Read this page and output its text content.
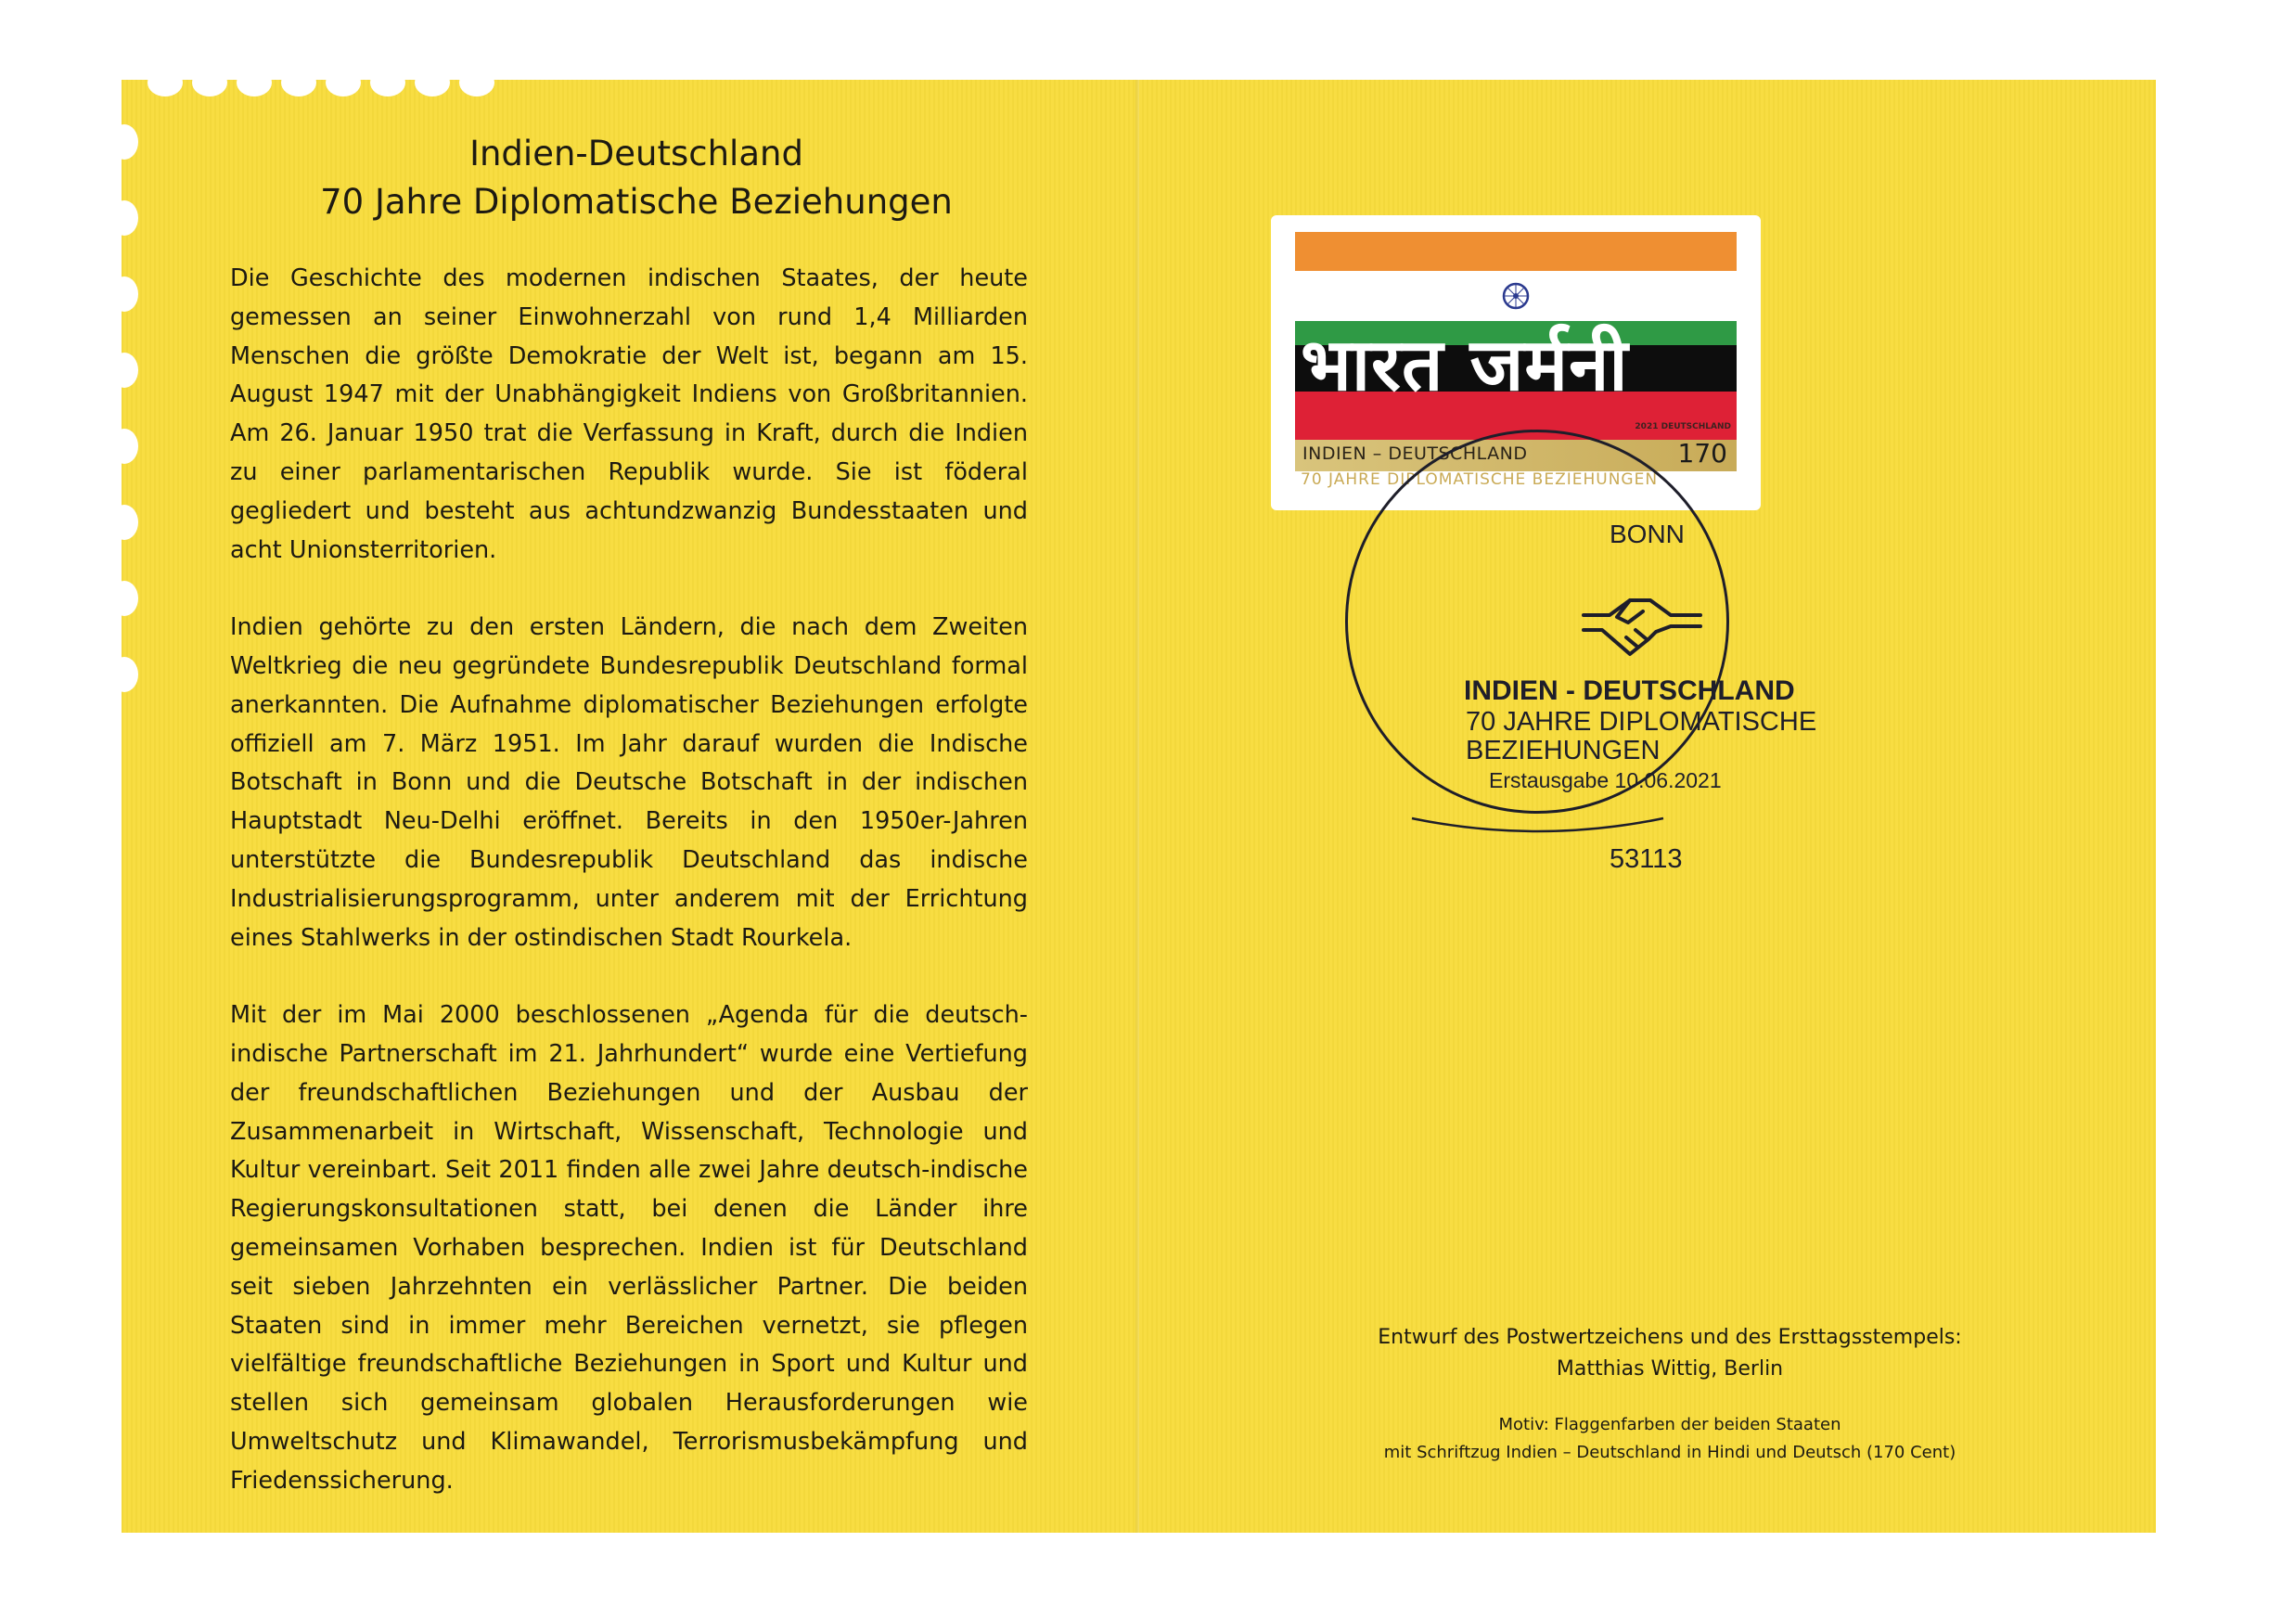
Indien-Deutschland
70 Jahre Diplomatische Beziehungen

Die Geschichte des modernen indischen Staates, der heute gemessen an seiner Einwohnerzahl von rund 1,4 Milliarden Menschen die größte Demokratie der Welt ist, begann am 15. August 1947 mit der Unabhängigkeit Indiens von Großbritannien. Am 26. Januar 1950 trat die Verfassung in Kraft, durch die Indien zu einer parlamentarischen Republik wurde. Sie ist föderal gegliedert und besteht aus achtundzwanzig Bundesstaaten und acht Unionsterritorien.

Indien gehörte zu den ersten Ländern, die nach dem Zweiten Weltkrieg die neu gegründete Bundesrepublik Deutschland formal anerkannten. Die Aufnahme diplomatischer Beziehungen erfolgte offiziell am 7. März 1951. Im Jahr darauf wurden die Indische Botschaft in Bonn und die Deutsche Botschaft in der indischen Hauptstadt Neu-Delhi eröffnet. Bereits in den 1950er-Jahren unterstützte die Bundesrepublik Deutschland das indische Industrialisierungsprogramm, unter anderem mit der Errichtung eines Stahlwerks in der ostindischen Stadt Rourkela.

Mit der im Mai 2000 beschlossenen „Agenda für die deutsch-indische Partnerschaft im 21. Jahrhundert“ wurde eine Vertiefung der freundschaftlichen Beziehungen und der Ausbau der Zusammenarbeit in Wirtschaft, Wissenschaft, Technologie und Kultur vereinbart. Seit 2011 finden alle zwei Jahre deutsch-indische Regierungskonsultationen statt, bei denen die Länder ihre gemeinsamen Vorhaben besprechen. Indien ist für Deutschland seit sieben Jahrzehnten ein verlässlicher Partner. Die beiden Staaten sind in immer mehr Bereichen vernetzt, sie pflegen vielfältige freundschaftliche Beziehungen in Sport und Kultur und stellen sich gemeinsam globalen Herausforderungen wie Umweltschutz und Klimawandel, Terrorismusbekämpfung und Friedenssicherung.

भारत जर्मनी
2021 DEUTSCHLAND
INDIEN – DEUTSCHLAND	170
70 JAHRE DIPLOMATISCHE BEZIEHUNGEN
BONN
INDIEN - DEUTSCHLAND
70 JAHRE DIPLOMATISCHE
BEZIEHUNGEN
Erstausgabe 10.06.2021
53113
Entwurf des Postwertzeichens und des Ersttagsstempels:
Matthias Wittig, Berlin
Motiv: Flaggenfarben der beiden Staaten
mit Schriftzug Indien – Deutschland in Hindi und Deutsch (170 Cent)
